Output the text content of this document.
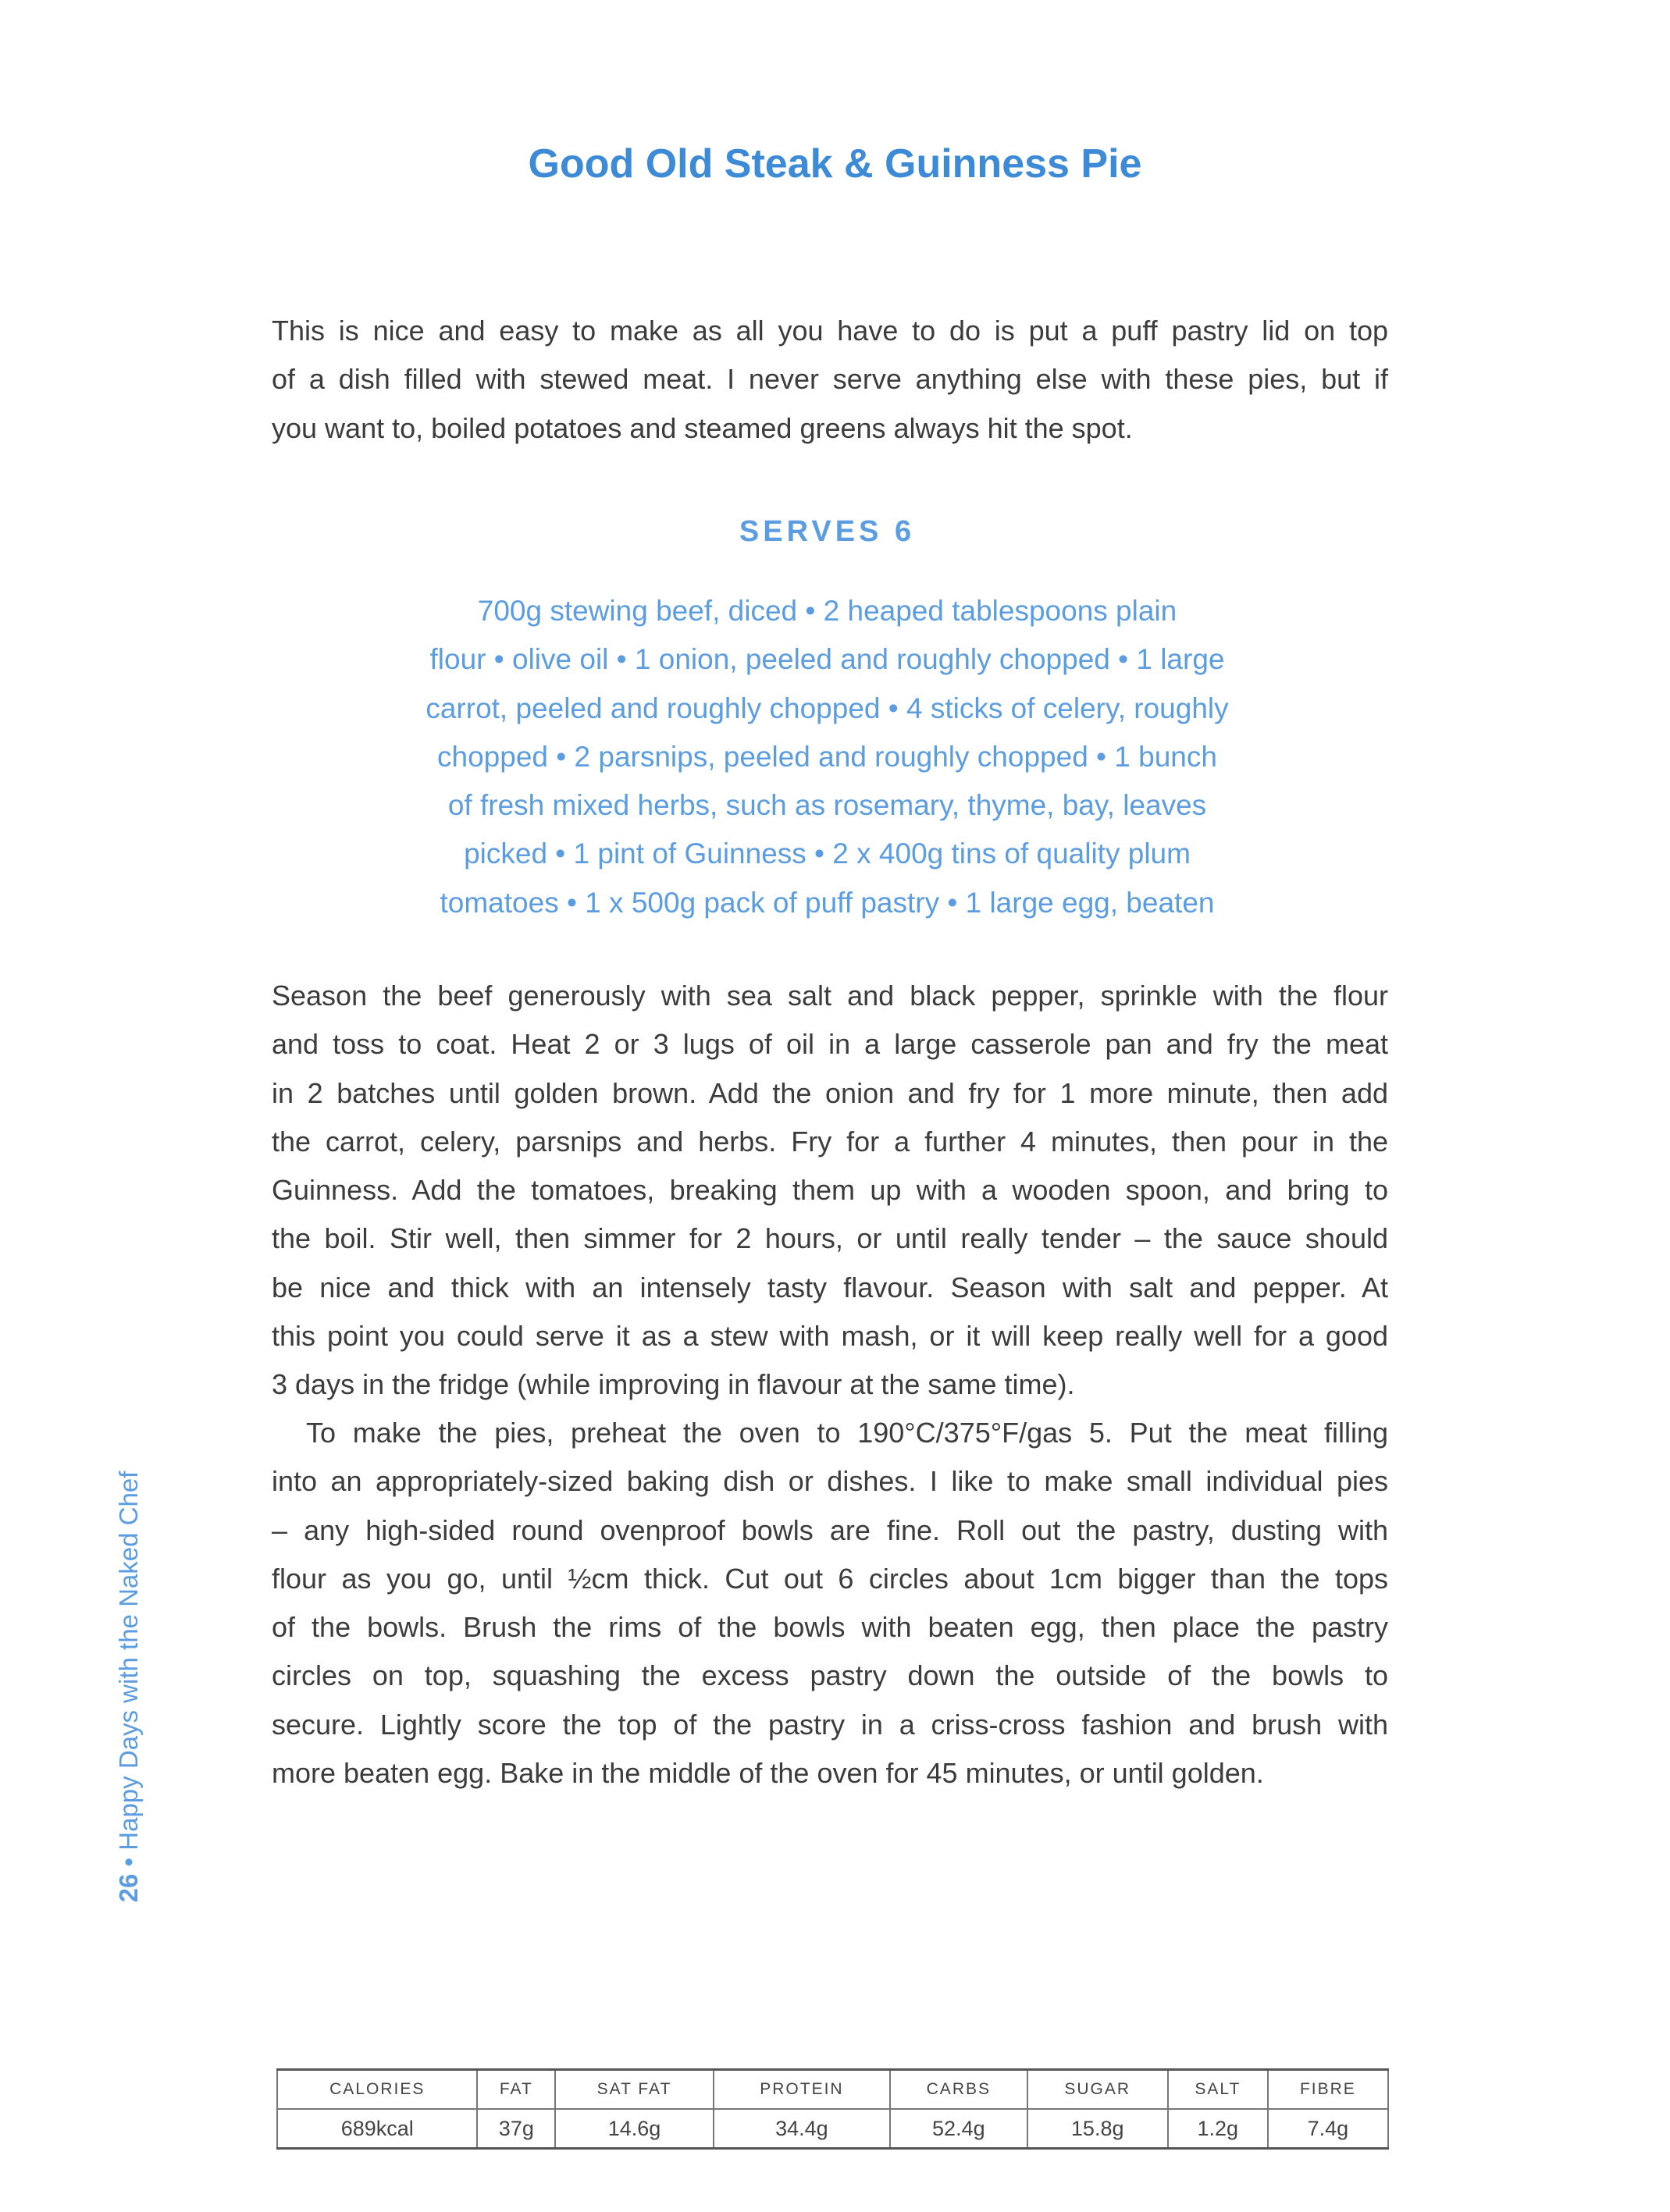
Good Old Steak & Guinness Pie
This is nice and easy to make as all you have to do is put a puff pastry lid on top
of a dish filled with stewed meat. I never serve anything else with these pies, but if
you want to, boiled potatoes and steamed greens always hit the spot.
SERVES 6
700g stewing beef, diced • 2 heaped tablespoons plain
flour • olive oil • 1 onion, peeled and roughly chopped • 1 large
carrot, peeled and roughly chopped • 4 sticks of celery, roughly
chopped • 2 parsnips, peeled and roughly chopped • 1 bunch
of fresh mixed herbs, such as rosemary, thyme, bay, leaves
picked • 1 pint of Guinness • 2 x 400g tins of quality plum
tomatoes • 1 x 500g pack of puff pastry • 1 large egg, beaten
Season the beef generously with sea salt and black pepper, sprinkle with the flour
and toss to coat. Heat 2 or 3 lugs of oil in a large casserole pan and fry the meat
in 2 batches until golden brown. Add the onion and fry for 1 more minute, then add
the carrot, celery, parsnips and herbs. Fry for a further 4 minutes, then pour in the
Guinness. Add the tomatoes, breaking them up with a wooden spoon, and bring to
the boil. Stir well, then simmer for 2 hours, or until really tender – the sauce should
be nice and thick with an intensely tasty flavour. Season with salt and pepper. At
this point you could serve it as a stew with mash, or it will keep really well for a good
3 days in the fridge (while improving in flavour at the same time).
To make the pies, preheat the oven to 190°C/375°F/gas 5. Put the meat filling
into an appropriately-sized baking dish or dishes. I like to make small individual pies
– any high-sided round ovenproof bowls are fine. Roll out the pastry, dusting with
flour as you go, until ½cm thick. Cut out 6 circles about 1cm bigger than the tops
of the bowls. Brush the rims of the bowls with beaten egg, then place the pastry
circles on top, squashing the excess pastry down the outside of the bowls to
secure. Lightly score the top of the pastry in a criss-cross fashion and brush with
more beaten egg. Bake in the middle of the oven for 45 minutes, or until golden.
26 • Happy Days with the Naked Chef
CALORIES	FAT	SAT FAT	PROTEIN	CARBS	SUGAR	SALT	FIBRE
689kcal	37g	14.6g	34.4g	52.4g	15.8g	1.2g	7.4g
